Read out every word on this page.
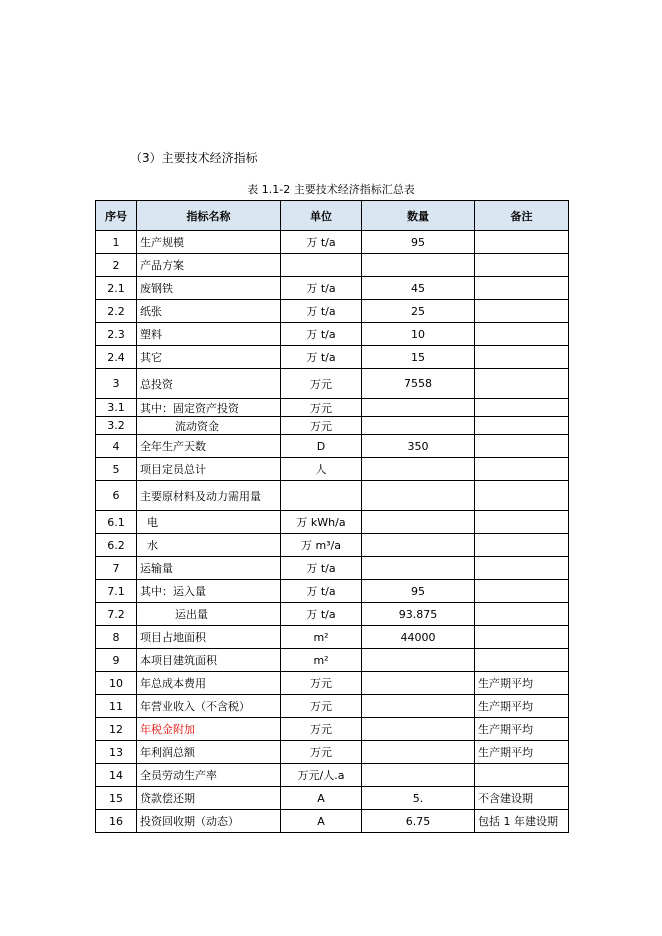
（3）主要技术经济指标
表 1.1-2 主要技术经济指标汇总表
序号	指标名称	单位	数量	备注
1	生产规模	万 t/a	95	
2	产品方案			
2.1	废钢铁	万 t/a	45	
2.2	纸张	万 t/a	25	
2.3	塑料	万 t/a	10	
2.4	其它	万 t/a	15	
3	总投资	万元	7558	
3.1	其中：固定资产投资	万元		
3.2	流动资金	万元		
4	全年生产天数	D	350	
5	项目定员总计	人		
6	主要原材料及动力需用量			
6.1	电	万 kWh/a		
6.2	水	万 m³/a		
7	运输量	万 t/a		
7.1	其中：运入量	万 t/a	95	
7.2	运出量	万 t/a	93.875	
8	项目占地面积	m²	44000	
9	本项目建筑面积	m²		
10	年总成本费用	万元		生产期平均
11	年营业收入（不含税）	万元		生产期平均
12	年税金附加	万元		生产期平均
13	年利润总额	万元		生产期平均
14	全员劳动生产率	万元/人.a		
15	贷款偿还期	A	5.	不含建设期
16	投资回收期（动态）	A	6.75	包括 1 年建设期
